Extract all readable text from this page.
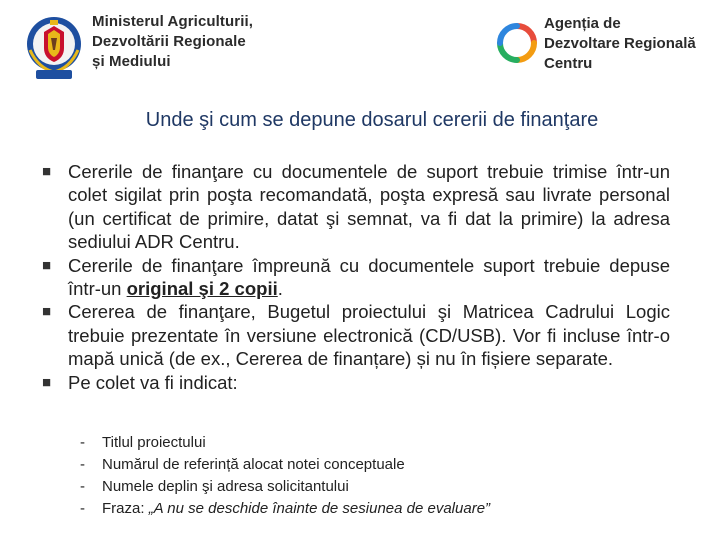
Ministerul Agriculturii,
Dezvoltării Regionale
și Mediului
Agenția de
Dezvoltare Regională
Centru
Unde şi cum se depune dosarul cererii de finanţare
■ Cererile de finanţare cu documentele de suport trebuie trimise într-un colet sigilat prin poşta recomandată, poşta expresă sau livrate personal (un certificat de primire, datat şi semnat, va fi dat la primire) la adresa sediului ADR Centru.
■ Cererile de finanţare împreună cu documentele suport trebuie depuse într-un original şi 2 copii.
■ Cererea de finanţare, Bugetul proiectului şi Matricea Cadrului Logic trebuie prezentate în versiune electronică (CD/USB). Vor fi incluse într-o mapă unică (de ex., Cererea de finanțare) și nu în fișiere separate.
■ Pe colet va fi indicat:
- Titlul proiectului
- Numărul de referință alocat notei conceptuale
- Numele deplin şi adresa solicitantului
- Fraza: „A nu se deschide înainte de sesiunea de evaluare”
